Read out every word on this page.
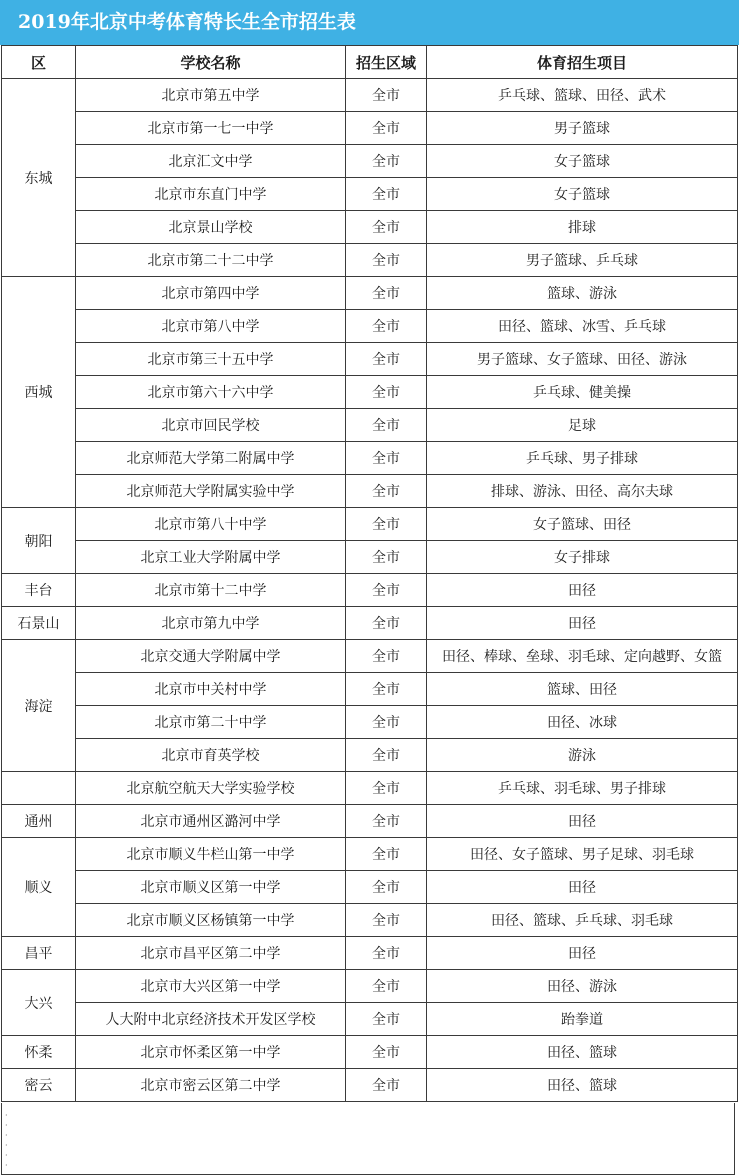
2019年北京中考体育特长生全市招生表
区	学校名称	招生区域	体育招生项目
东城	北京市第五中学	全市	乒乓球、篮球、田径、武术
	北京市第一七一中学	全市	男子篮球
	北京汇文中学	全市	女子篮球
	北京市东直门中学	全市	女子篮球
	北京景山学校	全市	排球
	北京市第二十二中学	全市	男子篮球、乒乓球
西城	北京市第四中学	全市	篮球、游泳
	北京市第八中学	全市	田径、篮球、冰雪、乒乓球
	北京市第三十五中学	全市	男子篮球、女子篮球、田径、游泳
	北京市第六十六中学	全市	乒乓球、健美操
	北京市回民学校	全市	足球
	北京师范大学第二附属中学	全市	乒乓球、男子排球
	北京师范大学附属实验中学	全市	排球、游泳、田径、高尔夫球
朝阳	北京市第八十中学	全市	女子篮球、田径
	北京工业大学附属中学	全市	女子排球
丰台	北京市第十二中学	全市	田径
石景山	北京市第九中学	全市	田径
海淀	北京交通大学附属中学	全市	田径、棒球、垒球、羽毛球、定向越野、女篮
	北京市中关村中学	全市	篮球、田径
	北京市第二十中学	全市	田径、冰球
	北京市育英学校	全市	游泳
	北京航空航天大学实验学校	全市	乒乓球、羽毛球、男子排球
通州	北京市通州区潞河中学	全市	田径
顺义	北京市顺义牛栏山第一中学	全市	田径、女子篮球、男子足球、羽毛球
	北京市顺义区第一中学	全市	田径
	北京市顺义区杨镇第一中学	全市	田径、篮球、乒乓球、羽毛球
昌平	北京市昌平区第二中学	全市	田径
大兴	北京市大兴区第一中学	全市	田径、游泳
	人大附中北京经济技术开发区学校	全市	跆拳道
怀柔	北京市怀柔区第一中学	全市	田径、篮球
密云	北京市密云区第二中学	全市	田径、篮球
·
·
·
·
·
·
